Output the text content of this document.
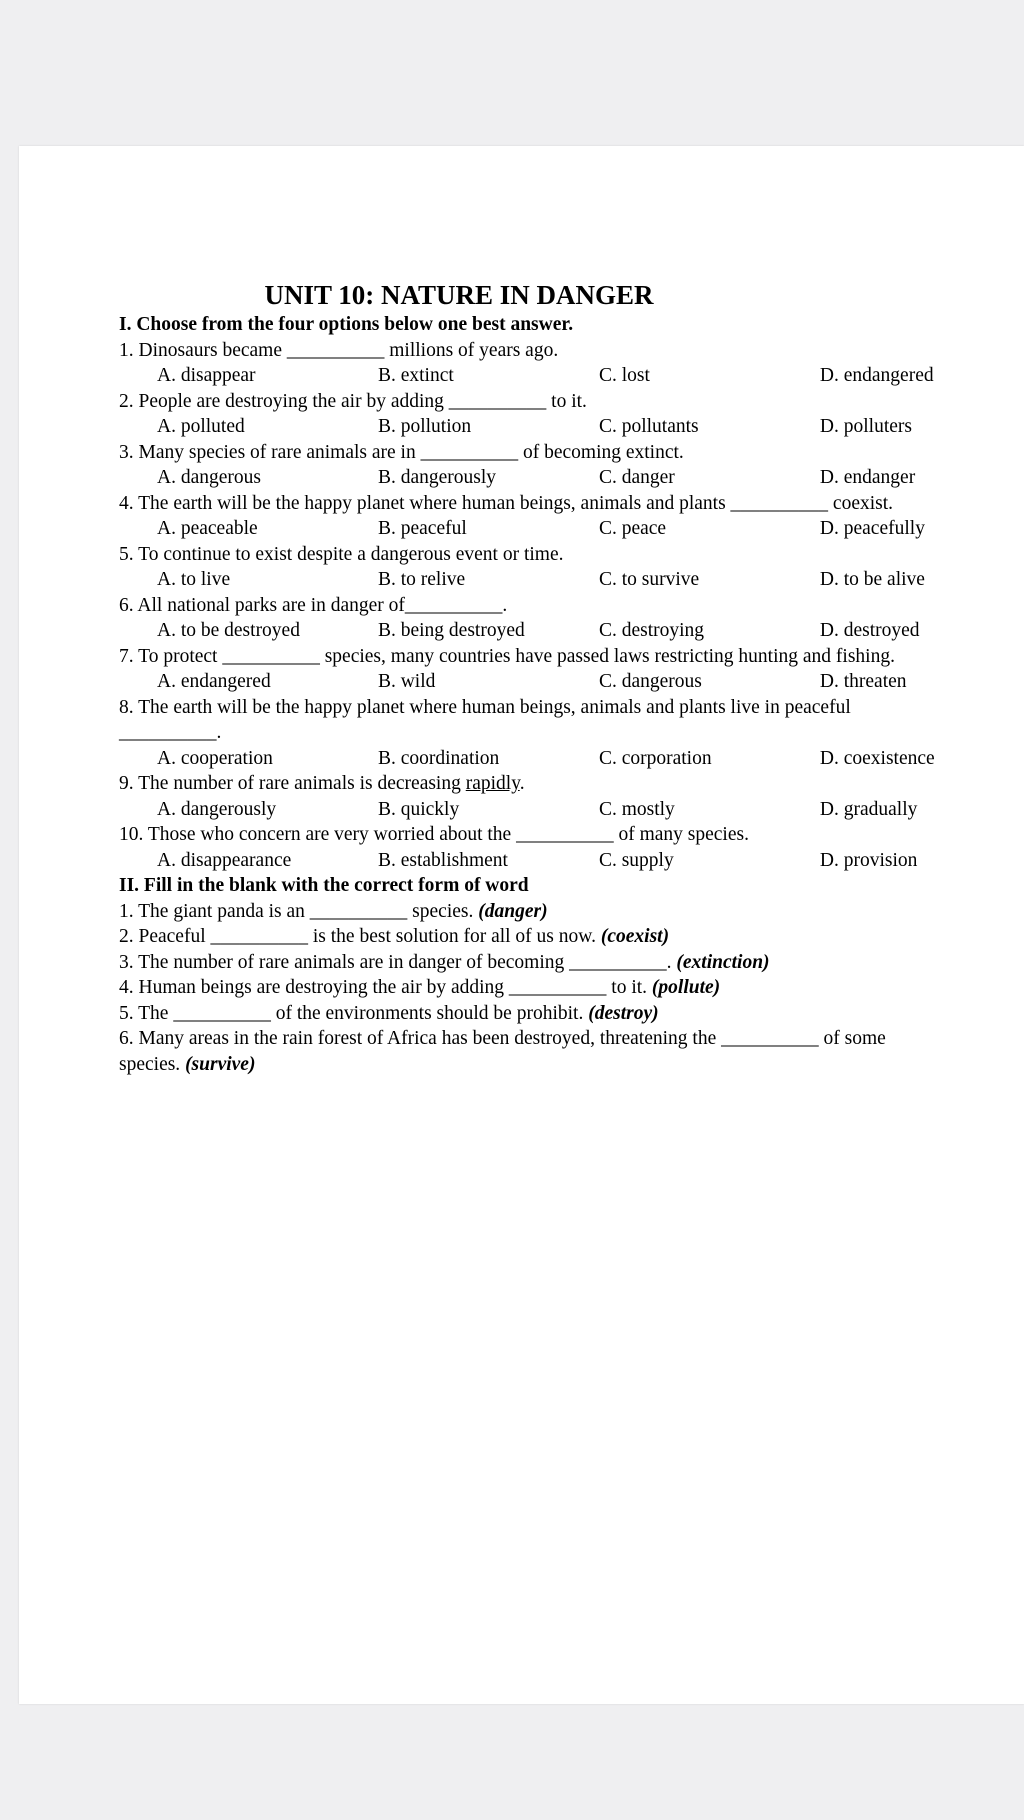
UNIT 10: NATURE IN DANGER
I. Choose from the four options below one best answer.
1. Dinosaurs became __________ millions of years ago.
A. disappear	B. extinct	C. lost	D. endangered
2. People are destroying the air by adding __________ to it.
A. polluted	B. pollution	C. pollutants	D. polluters
3. Many species of rare animals are in __________ of becoming extinct.
A. dangerous	B. dangerously	C. danger	D. endanger
4. The earth will be the happy planet where human beings, animals and plants __________ coexist.
A. peaceable	B. peaceful	C. peace	D. peacefully
5. To continue to exist despite a dangerous event or time.
A. to live	B. to relive	C. to survive	D. to be alive
6. All national parks are in danger of__________.
A. to be destroyed	B. being destroyed	C. destroying	D. destroyed
7. To protect __________ species, many countries have passed laws restricting hunting and fishing.
A. endangered	B. wild	C. dangerous	D. threaten
8. The earth will be the happy planet where human beings, animals and plants live in peaceful
__________.
A. cooperation	B. coordination	C. corporation	D. coexistence
9. The number of rare animals is decreasing rapidly.
A. dangerously	B. quickly	C. mostly	D. gradually
10. Those who concern are very worried about the __________ of many species.
A. disappearance	B. establishment	C. supply	D. provision
II. Fill in the blank with the correct form of word
1. The giant panda is an __________ species. (danger)
2. Peaceful __________ is the best solution for all of us now. (coexist)
3. The number of rare animals are in danger of becoming __________. (extinction)
4. Human beings are destroying the air by adding __________ to it. (pollute)
5. The __________ of the environments should be prohibit. (destroy)
6. Many areas in the rain forest of Africa has been destroyed, threatening the __________ of some
species. (survive)
